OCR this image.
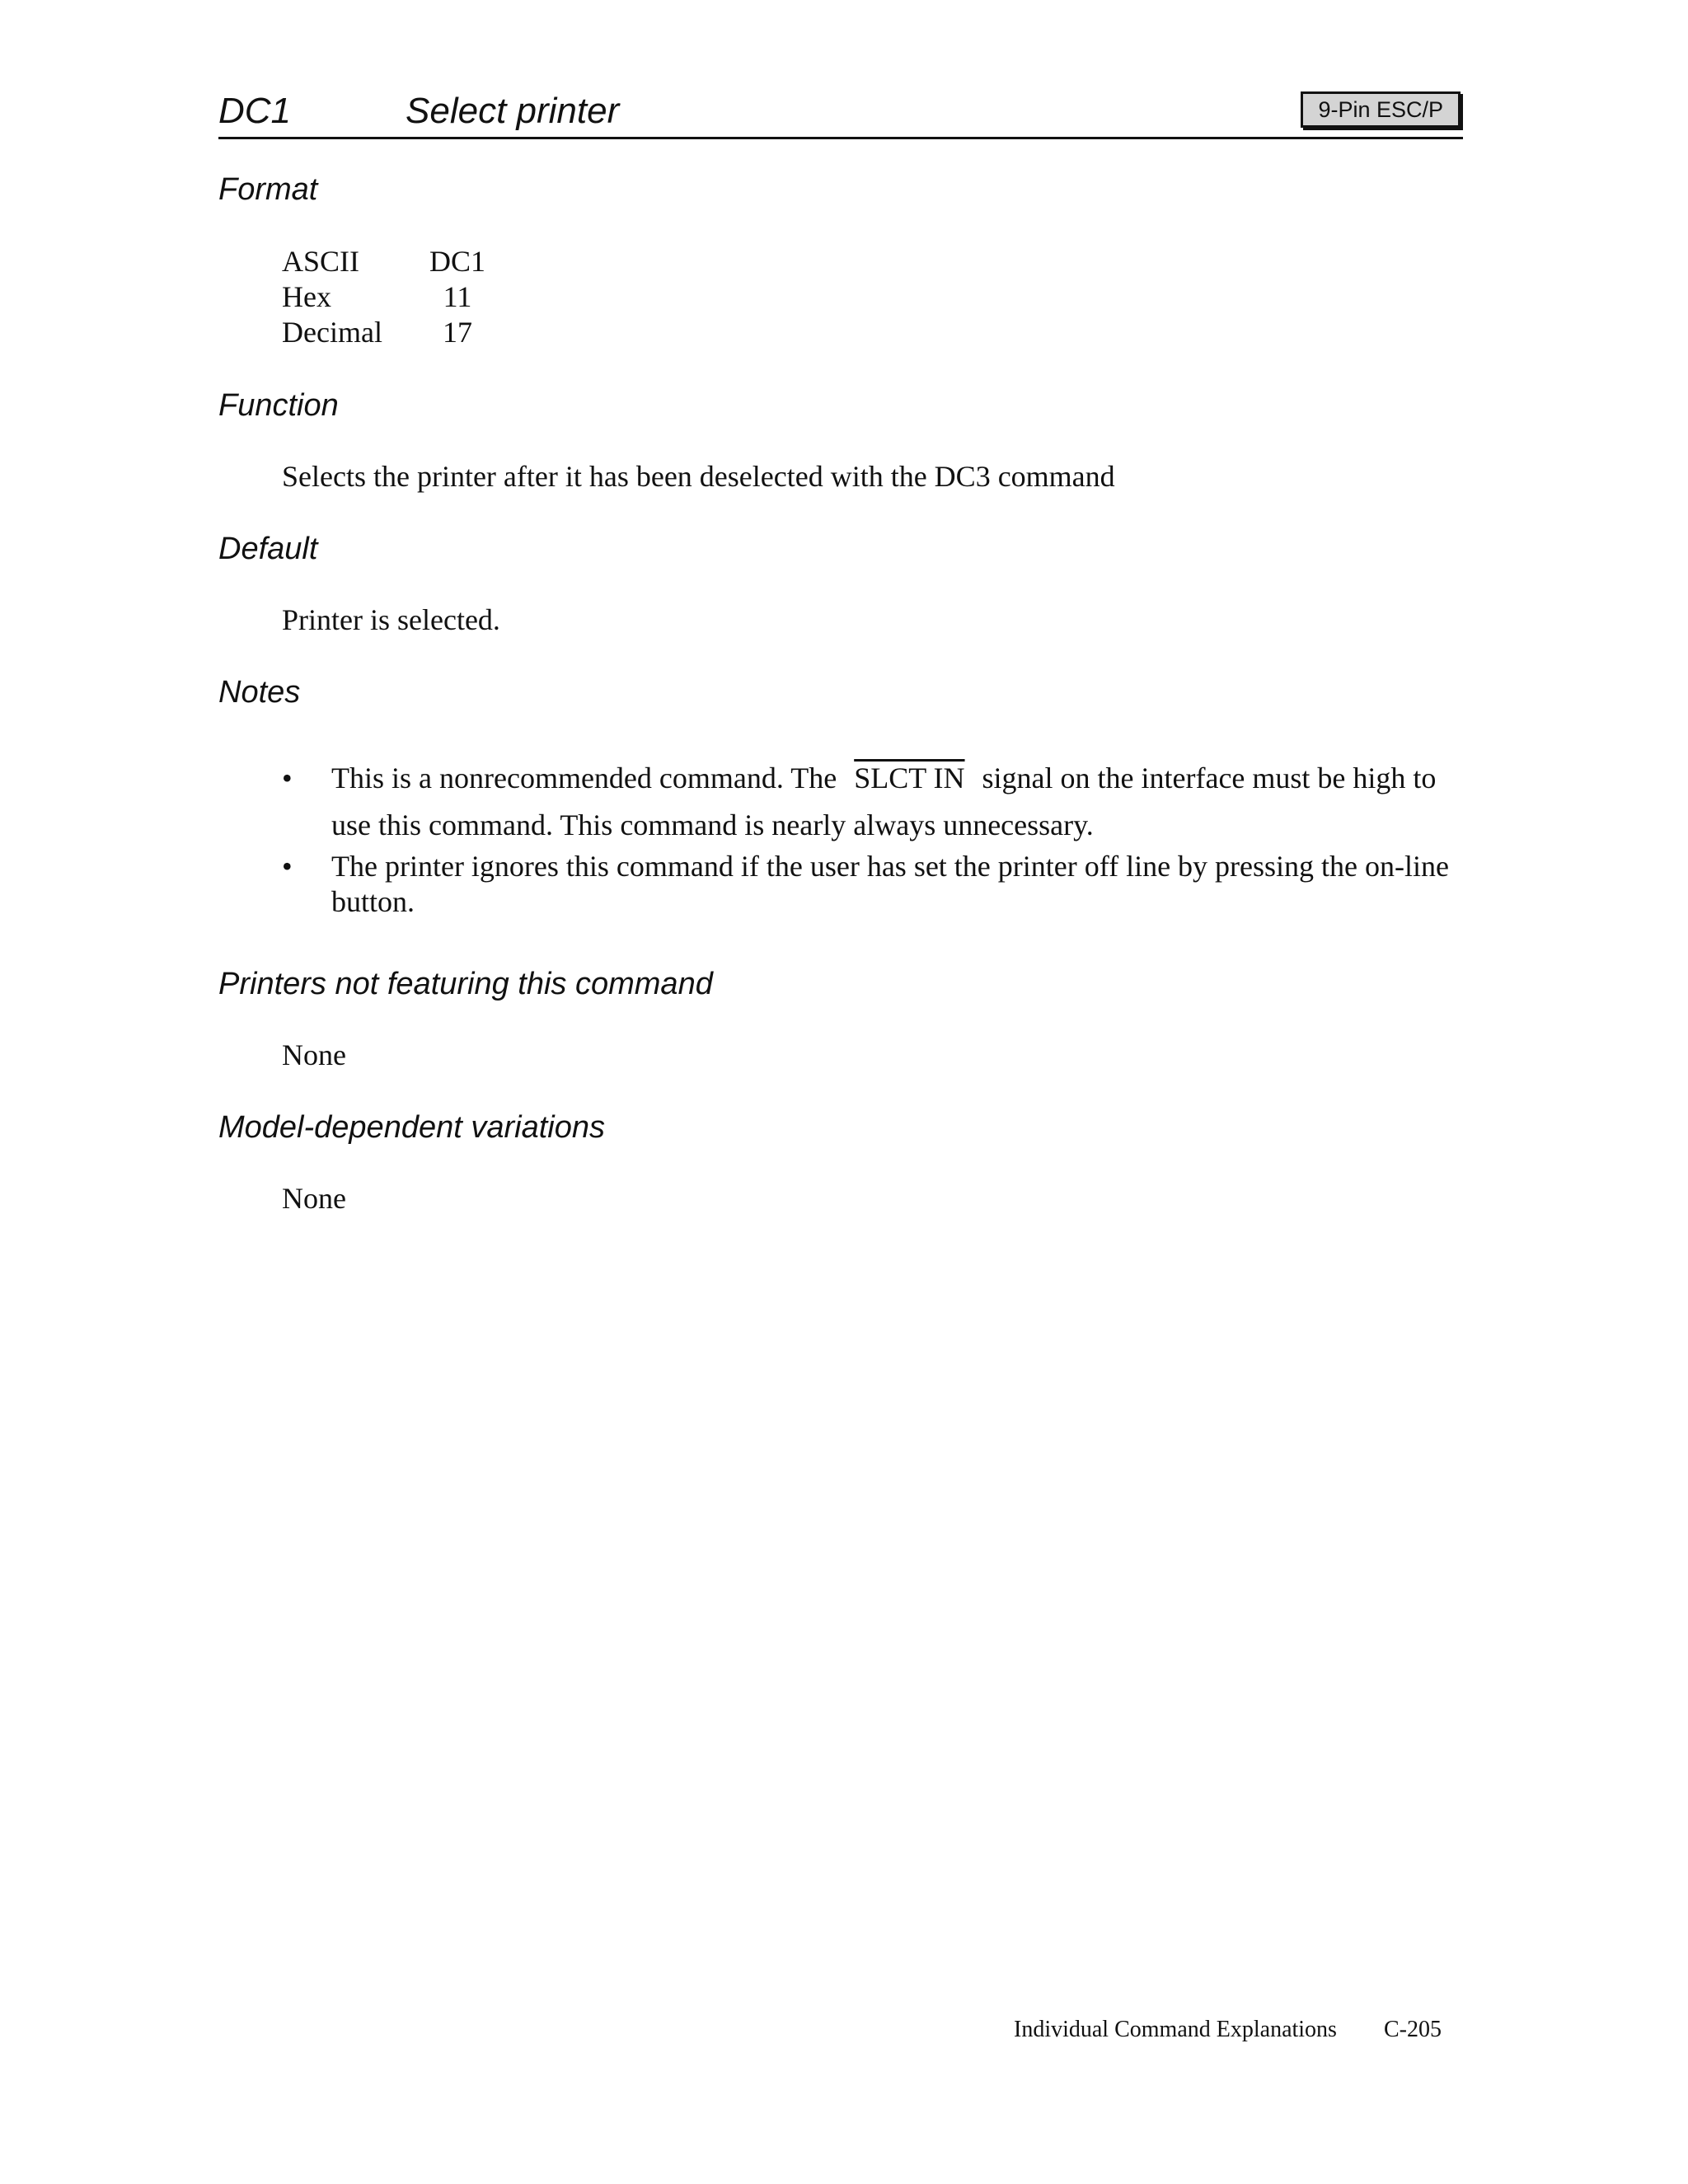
DC1	Select printer	9-Pin ESC/P
Format
ASCII	DC1
Hex	11
Decimal	17
Function

Selects the printer after it has been deselected with the DC3 command

Default

Printer is selected.

Notes
• This is a nonrecommended command. The SLCT IN signal on the interface must be high to use this command. This command is nearly always unnecessary.
• The printer ignores this command if the user has set the printer off line by pressing the on-line button.
Printers not featuring this command

None

Model-dependent variations

None

Individual Command Explanations C-205
